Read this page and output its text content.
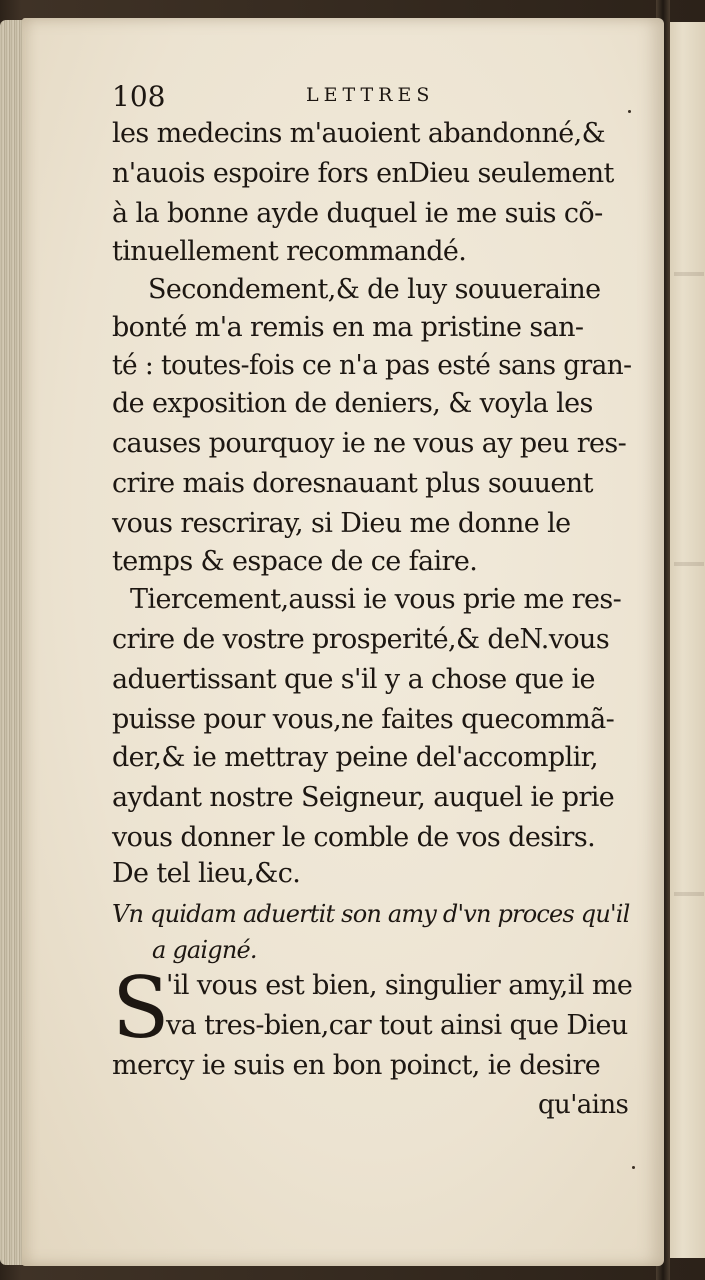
108	LETTRES
les medecins m'auoient abandonné,&
n'auois espoire fors enDieu seulement
à la bonne ayde duquel ie me suis cõ-
tinuellement recommandé.
Secondement,& de luy souueraine
bonté m'a remis en ma pristine san-
té : toutes-fois ce n'a pas esté sans gran-
de exposition de deniers, & voyla les
causes pourquoy ie ne vous ay peu res-
crire mais doresnauant plus souuent
vous rescriray, si Dieu me donne le
temps & espace de ce faire.
Tiercement,aussi ie vous prie me res-
crire de vostre prosperité,& deN.vous
aduertissant que s'il y a chose que ie
puisse pour vous,ne faites quecommã-
der,& ie mettray peine del'accomplir,
aydant nostre Seigneur, auquel ie prie
vous donner le comble de vos desirs.
De tel lieu,&c.
Vn quidam aduertit son amy d'vn proces qu'il
a gaigné.
'il vous est bien, singulier amy,il me
va tres-bien,car tout ainsi que Dieu
mercy ie suis en bon poinct, ie desire
S
qu'ains
